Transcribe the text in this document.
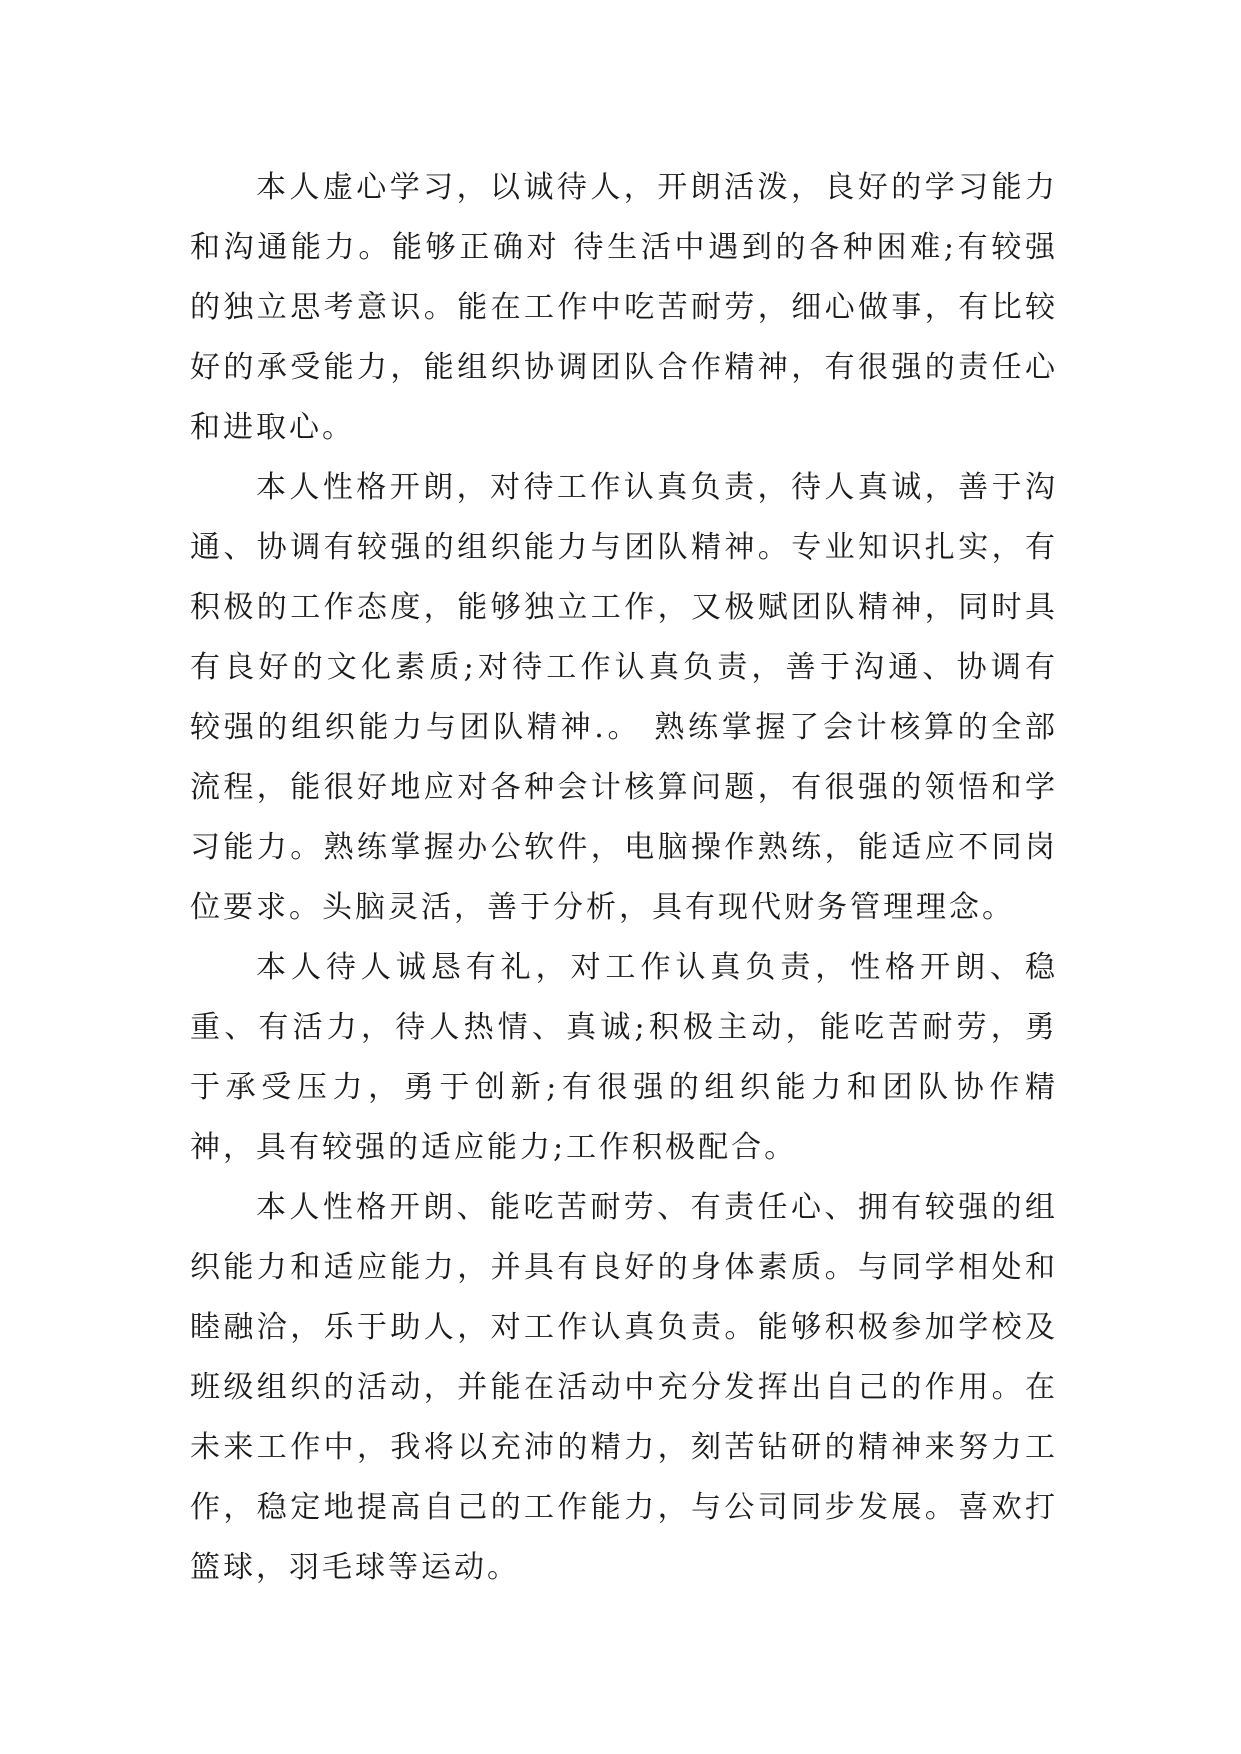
本人虚心学习，以诚待人，开朗活泼，良好的学习能力和沟通能力。能够正确对 待生活中遇到的各种困难;有较强的独立思考意识。能在工作中吃苦耐劳，细心做事，有比较好的承受能力，能组织协调团队合作精神，有很强的责任心和进取心。

本人性格开朗，对待工作认真负责，待人真诚，善于沟通、协调有较强的组织能力与团队精神。专业知识扎实，有积极的工作态度，能够独立工作，又极赋团队精神，同时具有良好的文化素质;对待工作认真负责，善于沟通、协调有较强的组织能力与团队精神.。 熟练掌握了会计核算的全部流程，能很好地应对各种会计核算问题，有很强的领悟和学习能力。熟练掌握办公软件，电脑操作熟练，能适应不同岗位要求。头脑灵活，善于分析，具有现代财务管理理念。

本人待人诚恳有礼，对工作认真负责，性格开朗、稳重、有活力，待人热情、真诚;积极主动，能吃苦耐劳，勇于承受压力，勇于创新;有很强的组织能力和团队协作精神，具有较强的适应能力;工作积极配合。

本人性格开朗、能吃苦耐劳、有责任心、拥有较强的组织能力和适应能力，并具有良好的身体素质。与同学相处和睦融洽，乐于助人，对工作认真负责。能够积极参加学校及班级组织的活动，并能在活动中充分发挥出自己的作用。在未来工作中，我将以充沛的精力，刻苦钻研的精神来努力工作，稳定地提高自己的工作能力，与公司同步发展。喜欢打篮球，羽毛球等运动。
